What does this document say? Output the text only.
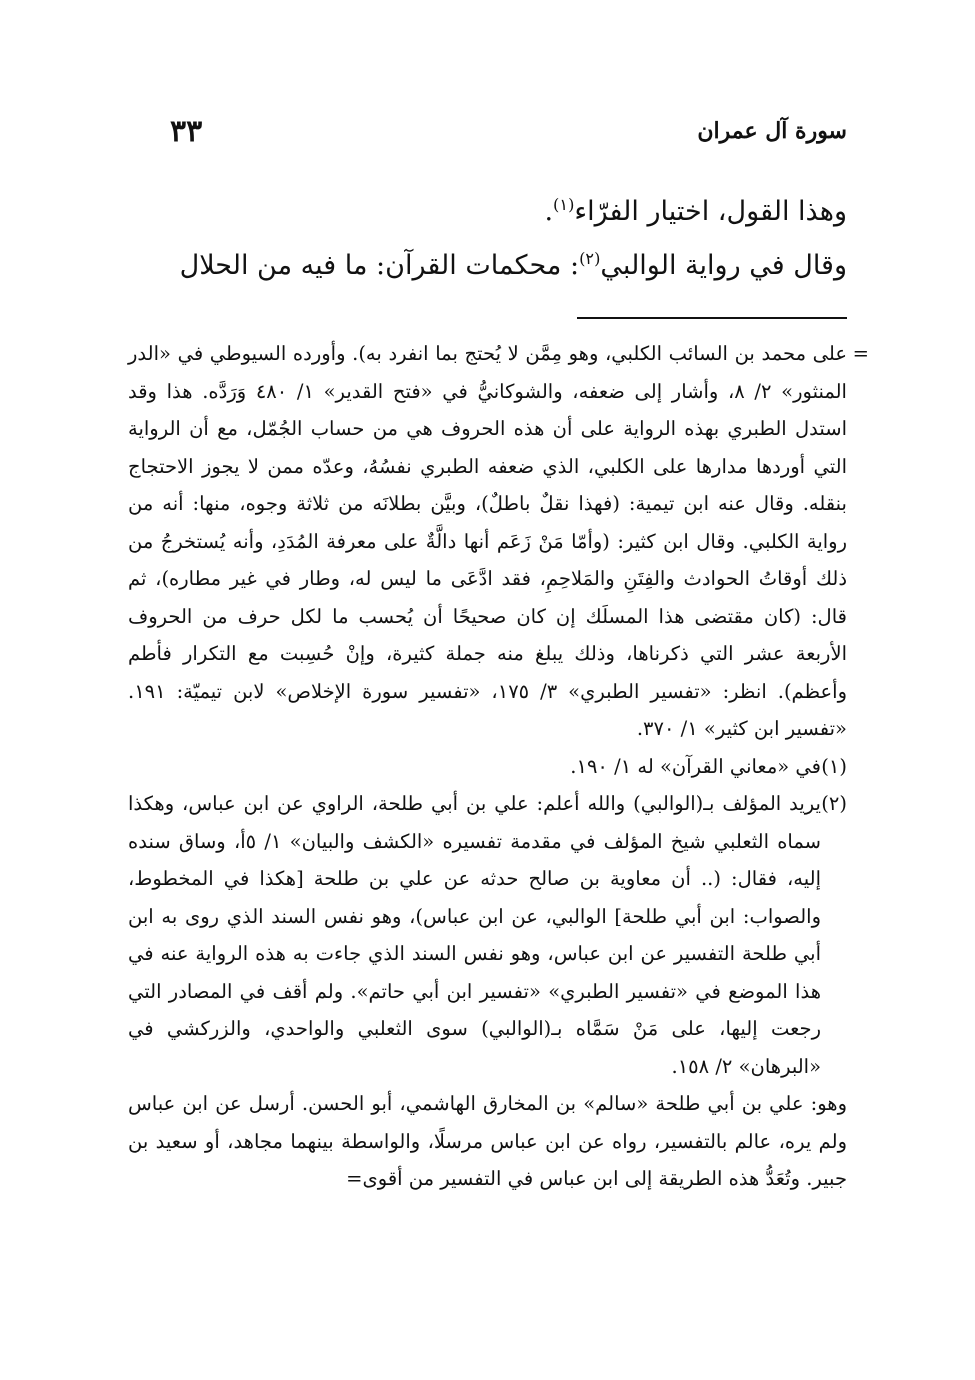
سورة آل عمران
٣٣

وهذا القول، اختيار الفرّاء$^{(١)}$.

وقال في رواية الوالبي$^{(٢)}$: محكمات القرآن: ما فيه من الحلال

=
على محمد بن السائب الكلبي، وهو مِمَّن لا يُحتج بما انفرد به). وأورده السيوطي في «الدر المنثور» ٢/ ٨، وأشار إلى ضعفه، والشوكانيُّ في «فتح القدير» ١/ ٤٨٠ وَرَدَّه. هذا وقد استدل الطبري بهذه الرواية على أن هذه الحروف هي من حساب الجُمّل، مع أن الرواية التي أوردها مدارها على الكلبي، الذي ضعفه الطبري نفسُهُ، وعدّه ممن لا يجوز الاحتجاج بنقله. وقال عنه ابن تيمية: (فهذا نقلٌ باطلٌ)، وبيَّن بطلانَه من ثلاثة وجوه، منها: أنه من رواية الكلبي. وقال ابن كثير: (وأمّا مَنْ زَعَم أنها دالَّةٌ على معرفة المُدَدِ، وأنه يُستخرجُ من ذلك أوقاتُ الحوادث والفِتَنِ والمَلاحِمِ، فقد ادَّعَى ما ليس له، وطار في غير مطاره)، ثم قال: (كان مقتضى هذا المسلَك إن كان صحيحًا أن يُحسب ما لكل حرف من الحروف الأربعة عشر التي ذكرناها، وذلك يبلغ منه جملة كثيرة، وإنْ حُسِبت مع التكرار فأطم وأعظم). انظر: «تفسير الطبري» ٣/ ١٧٥، «تفسير سورة الإخلاص» لابن تيميّة: ١٩١. «تفسير ابن كثير» ١/ ٣٧٠.

(١)
في «معاني القرآن» له ١/ ١٩٠.

(٢)
يريد المؤلف بـ(الوالبي) والله أعلم: علي بن أبي طلحة، الراوي عن ابن عباس، وهكذا سماه الثعلبي شيخ المؤلف في مقدمة تفسيره «الكشف والبيان» ١/ ٥أ، وساق سنده إليه، فقال: (.. أن معاوية بن صالح حدثه عن علي بن طلحة [هكذا في المخطوط، والصواب: ابن أبي طلحة] الوالبي، عن ابن عباس)، وهو نفس السند الذي روى به ابن أبي طلحة التفسير عن ابن عباس، وهو نفس السند الذي جاءت به هذه الرواية عنه في هذا الموضع في «تفسير الطبري» «تفسير ابن أبي حاتم». ولم أقف في المصادر التي رجعت إليها، على مَنْ سَمَّاه بـ(الوالبي) سوى الثعلبي والواحدي، والزركشي في «البرهان» ٢/ ١٥٨.

وهو: علي بن أبي طلحة «سالم» بن المخارق الهاشمي، أبو الحسن. أرسل عن ابن عباس ولم يره، عالم بالتفسير، رواه عن ابن عباس مرسلًا، والواسطة بينهما مجاهد، أو سعيد بن جبير. وتُعَدُّ هذه الطريقة إلى ابن عباس في التفسير من أقوى=
